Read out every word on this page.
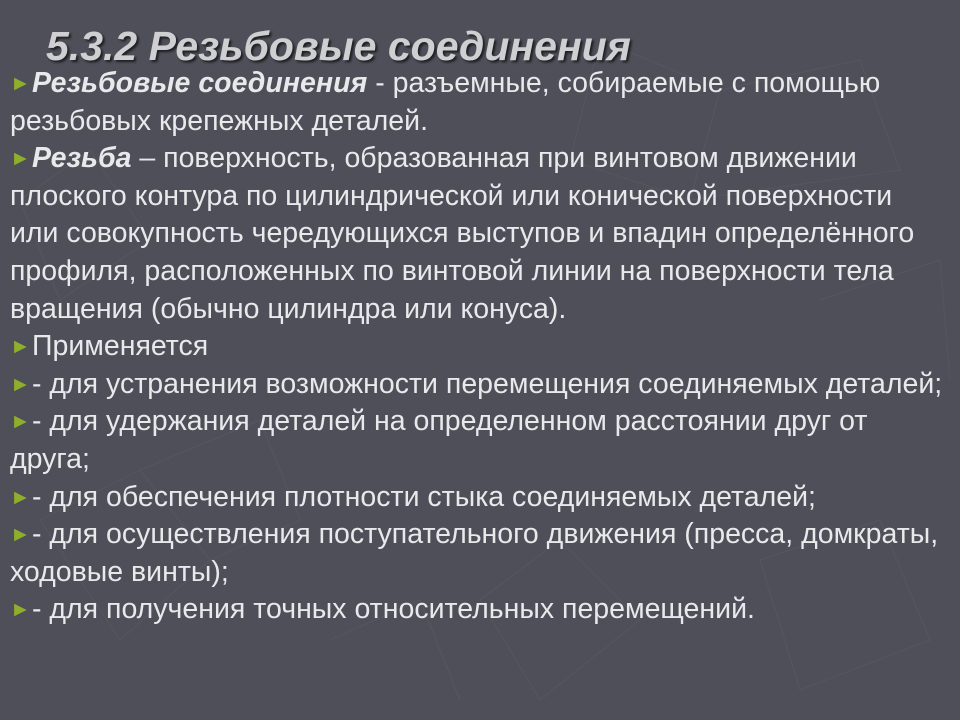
5.3.2 Резьбовые соединения

►Резьбовые соединения - разъемные, собираемые с помощью резьбовых крепежных деталей.

►Резьба – поверхность, образованная при винтовом движении плоского контура по цилиндрической или конической поверхности или совокупность чередующихся выступов и впадин определённого профиля, расположенных по винтовой линии на поверхности тела вращения (обычно цилиндра или конуса).

►Применяется

►- для устранения возможности перемещения соединяемых деталей;

►- для удержания деталей на определенном расстоянии друг от друга;

►- для обеспечения плотности стыка соединяемых деталей;

►- для осуществления поступательного движения (пресса, домкраты, ходовые винты);

►- для получения точных относительных перемещений.
